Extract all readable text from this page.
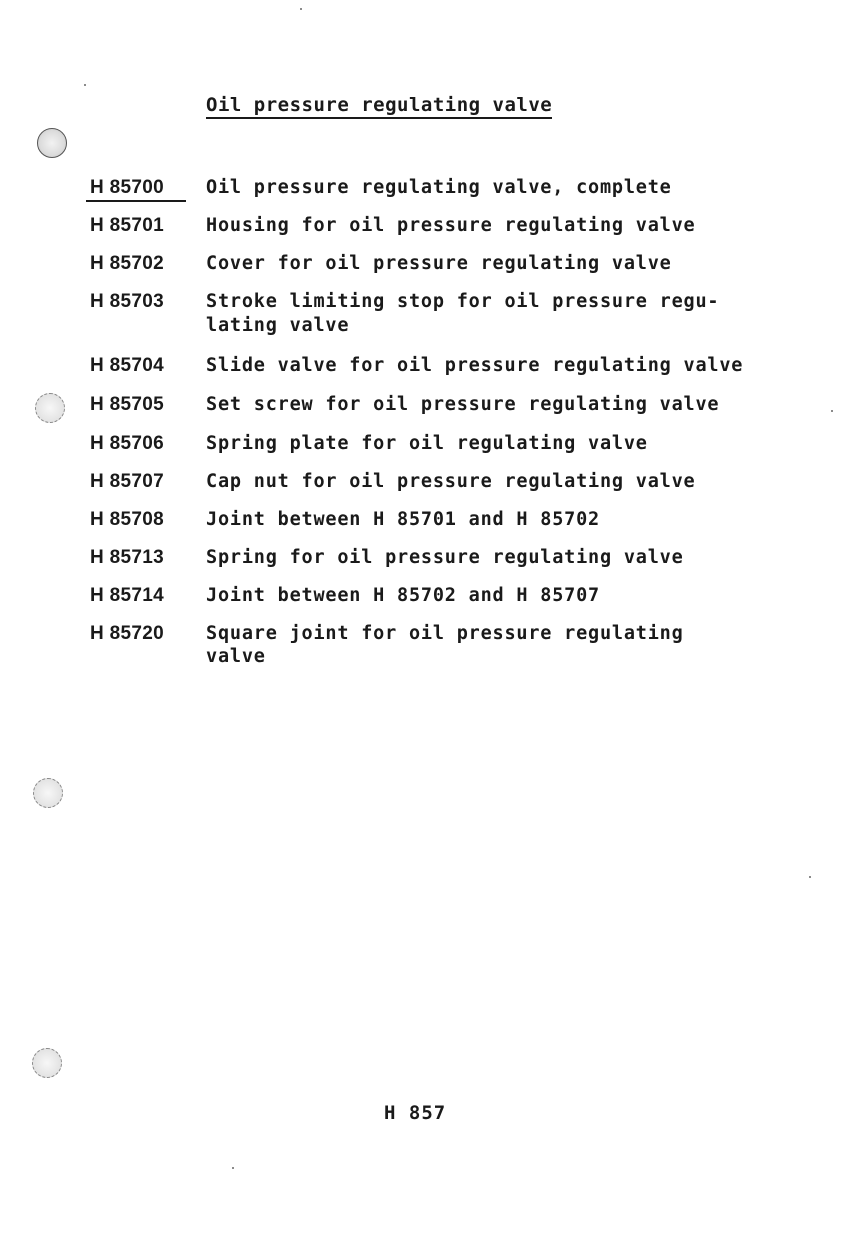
Oil pressure regulating valve
H 85700	Oil pressure regulating valve, complete
H 85701	Housing for oil pressure regulating valve
H 85702	Cover for oil pressure regulating valve
H 85703	Stroke limiting stop for oil pressure regu-
lating valve
H 85704	Slide valve for oil pressure regulating valve
H 85705	Set screw for oil pressure regulating valve
H 85706	Spring plate for oil regulating valve
H 85707	Cap nut for oil pressure regulating valve
H 85708	Joint between H 85701 and H 85702
H 85713	Spring for oil pressure regulating valve
H 85714	Joint between H 85702 and H 85707
H 85720	Square joint for oil pressure regulating
valve
H 857
